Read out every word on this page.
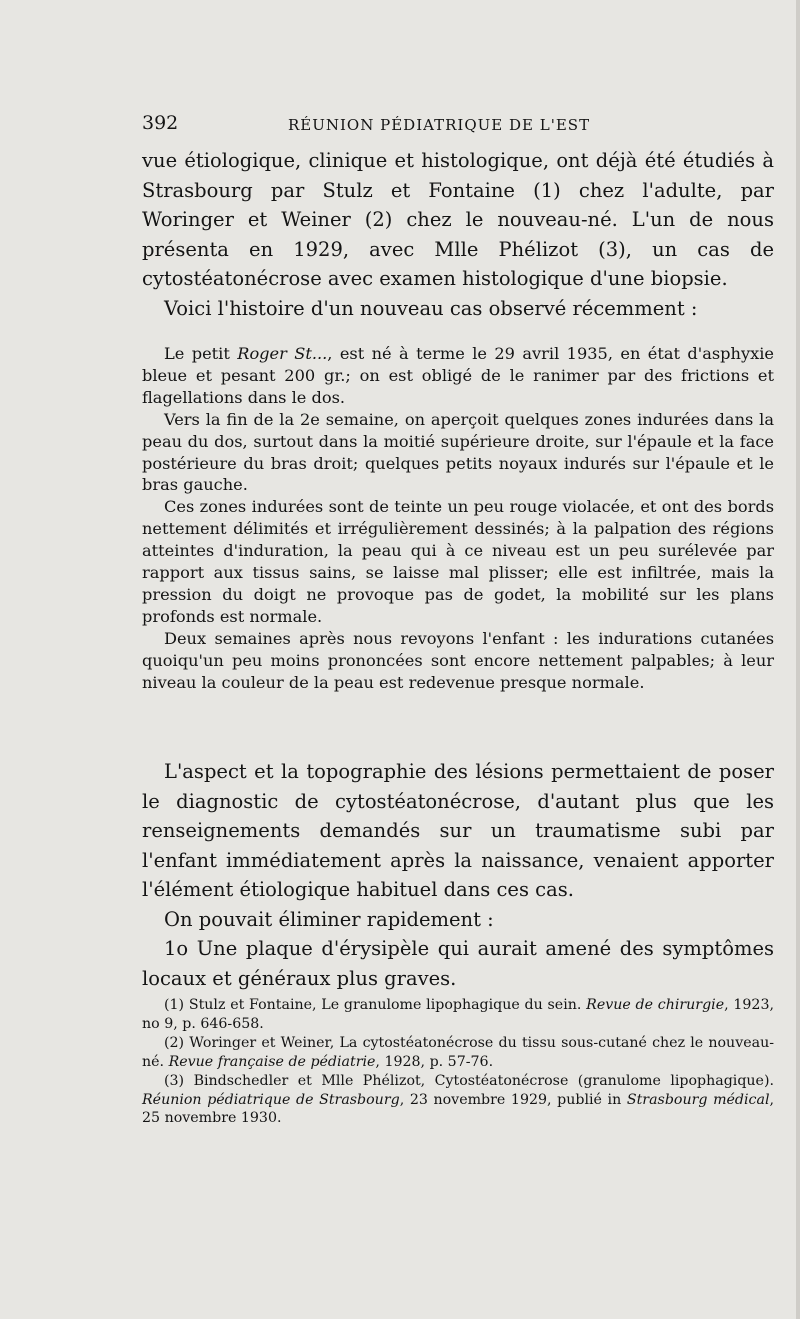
392	RÉUNION PÉDIATRIQUE DE L'EST

vue étiologique, clinique et histologique, ont déjà été étudiés à Strasbourg par Stulz et Fontaine (1) chez l'adulte, par Woringer et Weiner (2) chez le nouveau-né. L'un de nous présenta en 1929, avec Mlle Phélizot (3), un cas de cytostéatonécrose avec examen histologique d'une biopsie.

Voici l'histoire d'un nouveau cas observé récemment :

Le petit Roger St..., est né à terme le 29 avril 1935, en état d'asphyxie bleue et pesant 200 gr.; on est obligé de le ranimer par des frictions et flagellations dans le dos.

Vers la fin de la 2e semaine, on aperçoit quelques zones indurées dans la peau du dos, surtout dans la moitié supérieure droite, sur l'épaule et la face postérieure du bras droit; quelques petits noyaux indurés sur l'épaule et le bras gauche.

Ces zones indurées sont de teinte un peu rouge violacée, et ont des bords nettement délimités et irrégulièrement dessinés; à la palpation des régions atteintes d'induration, la peau qui à ce niveau est un peu surélevée par rapport aux tissus sains, se laisse mal plisser; elle est infiltrée, mais la pression du doigt ne provoque pas de godet, la mobilité sur les plans profonds est normale.

Deux semaines après nous revoyons l'enfant : les indurations cutanées quoiqu'un peu moins prononcées sont encore nettement palpables; à leur niveau la couleur de la peau est redevenue presque normale.

L'aspect et la topographie des lésions permettaient de poser le diagnostic de cytostéatonécrose, d'autant plus que les renseignements demandés sur un traumatisme subi par l'enfant immédiatement après la naissance, venaient apporter l'élément étiologique habituel dans ces cas.

On pouvait éliminer rapidement :

1o Une plaque d'érysipèle qui aurait amené des symptômes locaux et généraux plus graves.

(1) Stulz et Fontaine, Le granulome lipophagique du sein. Revue de chirurgie, 1923, no 9, p. 646-658.

(2) Woringer et Weiner, La cytostéatonécrose du tissu sous-cutané chez le nouveau-né. Revue française de pédiatrie, 1928, p. 57-76.

(3) Bindschedler et Mlle Phélizot, Cytostéatonécrose (granulome lipophagique). Réunion pédiatrique de Strasbourg, 23 novembre 1929, publié in Strasbourg médical, 25 novembre 1930.
